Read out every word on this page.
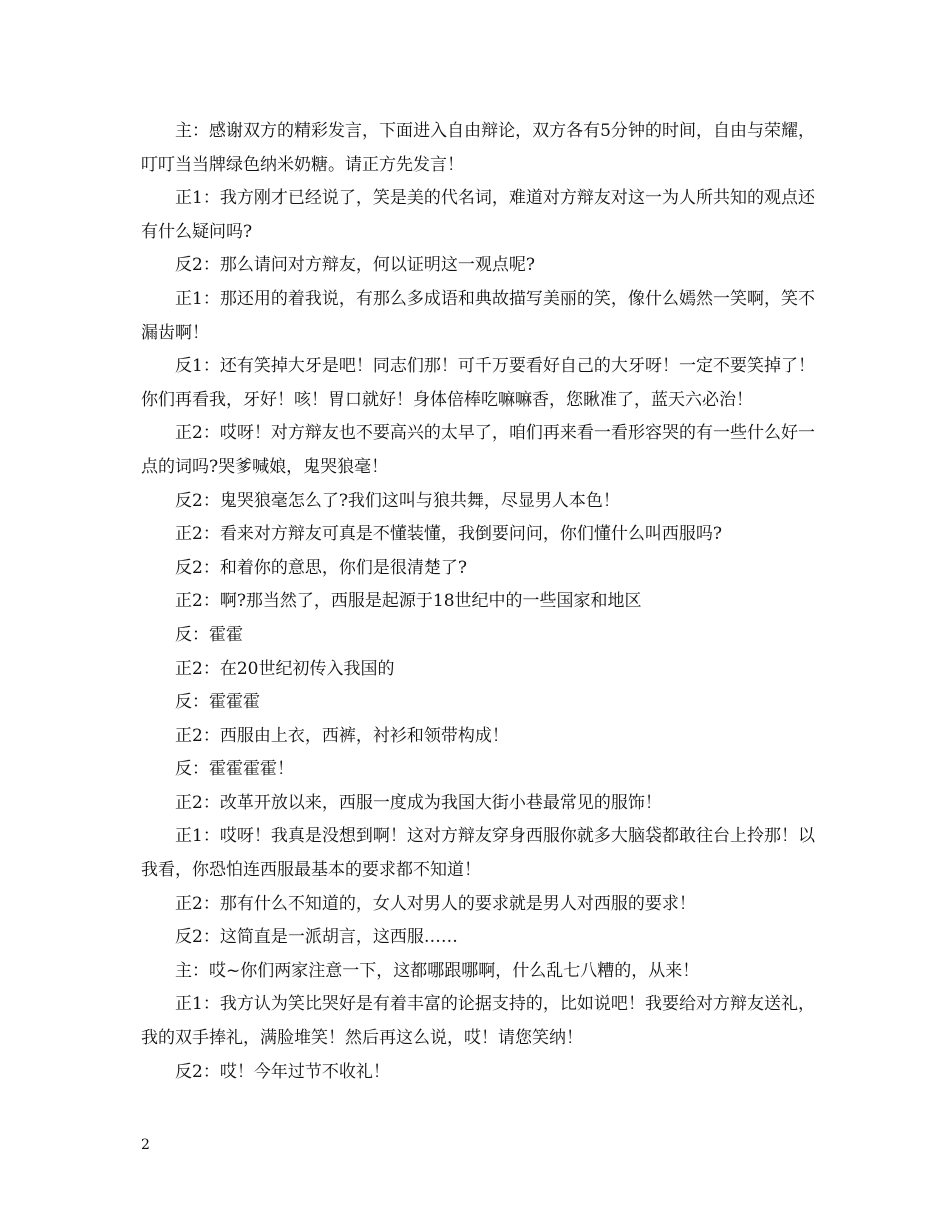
主：感谢双方的精彩发言，下面进入自由辩论，双方各有5分钟的时间，自由与荣耀，叮叮当当牌绿色纳米奶糖。请正方先发言！

正1：我方刚才已经说了，笑是美的代名词，难道对方辩友对这一为人所共知的观点还有什么疑问吗?

反2：那么请问对方辩友，何以证明这一观点呢?

正1：那还用的着我说，有那么多成语和典故描写美丽的笑，像什么嫣然一笑啊，笑不漏齿啊！

反1：还有笑掉大牙是吧！同志们那！可千万要看好自己的大牙呀！一定不要笑掉了！你们再看我，牙好！咳！胃口就好！身体倍棒吃嘛嘛香，您瞅准了，蓝天六必治！

正2：哎呀！对方辩友也不要高兴的太早了，咱们再来看一看形容哭的有一些什么好一点的词吗?哭爹喊娘，鬼哭狼毫！

反2：鬼哭狼毫怎么了?我们这叫与狼共舞，尽显男人本色！

正2：看来对方辩友可真是不懂装懂，我倒要问问，你们懂什么叫西服吗?

反2：和着你的意思，你们是很清楚了?

正2：啊?那当然了，西服是起源于18世纪中的一些国家和地区

反：霍霍

正2：在20世纪初传入我国的

反：霍霍霍

正2：西服由上衣，西裤，衬衫和领带构成！

反：霍霍霍霍！

正2：改革开放以来，西服一度成为我国大街小巷最常见的服饰！

正1：哎呀！我真是没想到啊！这对方辩友穿身西服你就多大脑袋都敢往台上拎那！以我看，你恐怕连西服最基本的要求都不知道！

正2：那有什么不知道的，女人对男人的要求就是男人对西服的要求！

反2：这简直是一派胡言，这西服……

主：哎~你们两家注意一下，这都哪跟哪啊，什么乱七八糟的，从来！

正1：我方认为笑比哭好是有着丰富的论据支持的，比如说吧！我要给对方辩友送礼，我的双手捧礼，满脸堆笑！然后再这么说，哎！请您笑纳！

反2：哎！今年过节不收礼！

2
